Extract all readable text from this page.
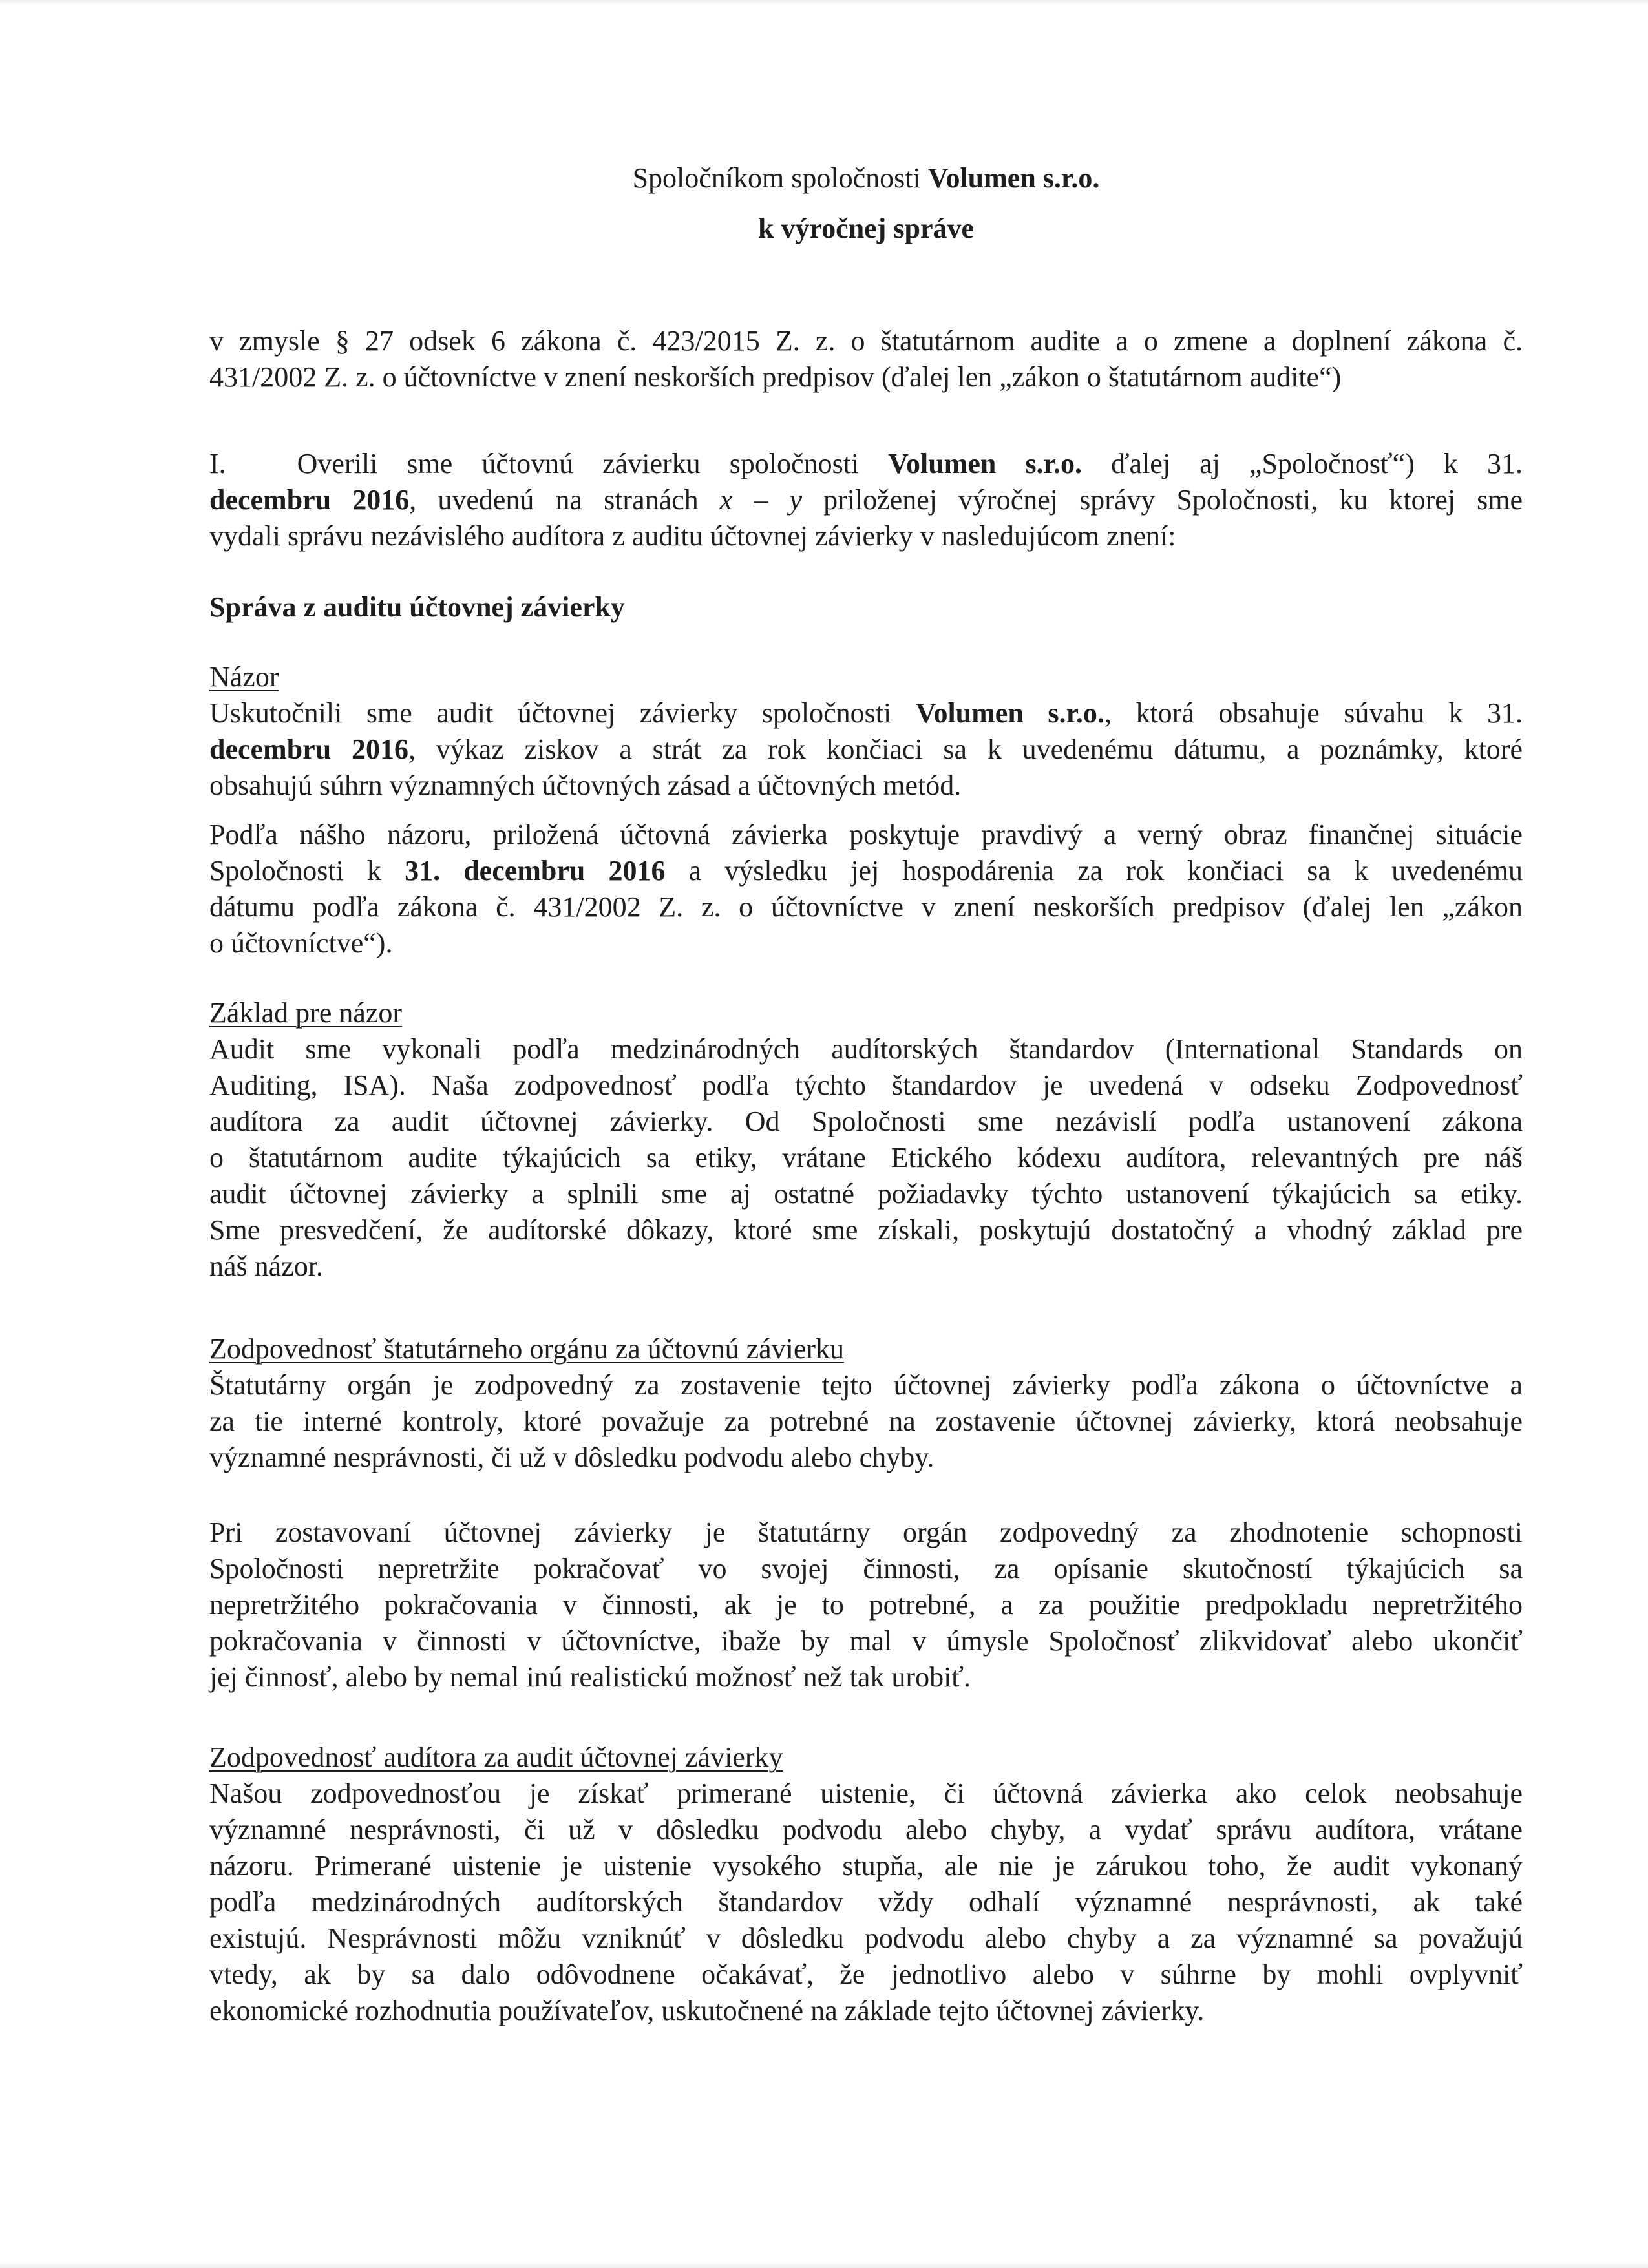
Spoločníkom spoločnosti Volumen s.r.o.
k výročnej správe
v zmysle § 27 odsek 6 zákona č. 423/2015 Z. z. o štatutárnom audite a o zmene a doplnení zákona č.
431/2002 Z. z. o účtovníctve v znení neskorších predpisov (ďalej len „zákon o štatutárnom audite“)
I.	Overili sme účtovnú závierku spoločnosti Volumen s.r.o. ďalej aj „Spoločnosť“) k 31.
decembru 2016, uvedenú na stranách x – y priloženej výročnej správy Spoločnosti, ku ktorej sme
vydali správu nezávislého audítora z auditu účtovnej závierky v nasledujúcom znení:
Správa z auditu účtovnej závierky
Názor
Uskutočnili sme audit účtovnej závierky spoločnosti Volumen s.r.o., ktorá obsahuje súvahu k 31.
decembru 2016, výkaz ziskov a strát za rok končiaci sa k uvedenému dátumu, a poznámky, ktoré
obsahujú súhrn významných účtovných zásad a účtovných metód.
Podľa nášho názoru, priložená účtovná závierka poskytuje pravdivý a verný obraz finančnej situácie
Spoločnosti k 31. decembru 2016 a výsledku jej hospodárenia za rok končiaci sa k uvedenému
dátumu podľa zákona č. 431/2002 Z. z. o účtovníctve v znení neskorších predpisov (ďalej len „zákon
o účtovníctve“).
Základ pre názor
Audit sme vykonali podľa medzinárodných audítorských štandardov (International Standards on
Auditing, ISA). Naša zodpovednosť podľa týchto štandardov je uvedená v odseku Zodpovednosť
audítora za audit účtovnej závierky. Od Spoločnosti sme nezávislí podľa ustanovení zákona
o štatutárnom audite týkajúcich sa etiky, vrátane Etického kódexu audítora, relevantných pre náš
audit účtovnej závierky a splnili sme aj ostatné požiadavky týchto ustanovení týkajúcich sa etiky.
Sme presvedčení, že audítorské dôkazy, ktoré sme získali, poskytujú dostatočný a vhodný základ pre
náš názor.
Zodpovednosť štatutárneho orgánu za účtovnú závierku
Štatutárny orgán je zodpovedný za zostavenie tejto účtovnej závierky podľa zákona o účtovníctve a
za tie interné kontroly, ktoré považuje za potrebné na zostavenie účtovnej závierky, ktorá neobsahuje
významné nesprávnosti, či už v dôsledku podvodu alebo chyby.
Pri zostavovaní účtovnej závierky je štatutárny orgán zodpovedný za zhodnotenie schopnosti
Spoločnosti nepretržite pokračovať vo svojej činnosti, za opísanie skutočností týkajúcich sa
nepretržitého pokračovania v činnosti, ak je to potrebné, a za použitie predpokladu nepretržitého
pokračovania v činnosti v účtovníctve, ibaže by mal v úmysle Spoločnosť zlikvidovať alebo ukončiť
jej činnosť, alebo by nemal inú realistickú možnosť než tak urobiť.
Zodpovednosť audítora za audit účtovnej závierky
Našou zodpovednosťou je získať primerané uistenie, či účtovná závierka ako celok neobsahuje
významné nesprávnosti, či už v dôsledku podvodu alebo chyby, a vydať správu audítora, vrátane
názoru. Primerané uistenie je uistenie vysokého stupňa, ale nie je zárukou toho, že audit vykonaný
podľa medzinárodných audítorských štandardov vždy odhalí významné nesprávnosti, ak také
existujú. Nesprávnosti môžu vzniknúť v dôsledku podvodu alebo chyby a za významné sa považujú
vtedy, ak by sa dalo odôvodnene očakávať, že jednotlivo alebo v súhrne by mohli ovplyvniť
ekonomické rozhodnutia používateľov, uskutočnené na základe tejto účtovnej závierky.
